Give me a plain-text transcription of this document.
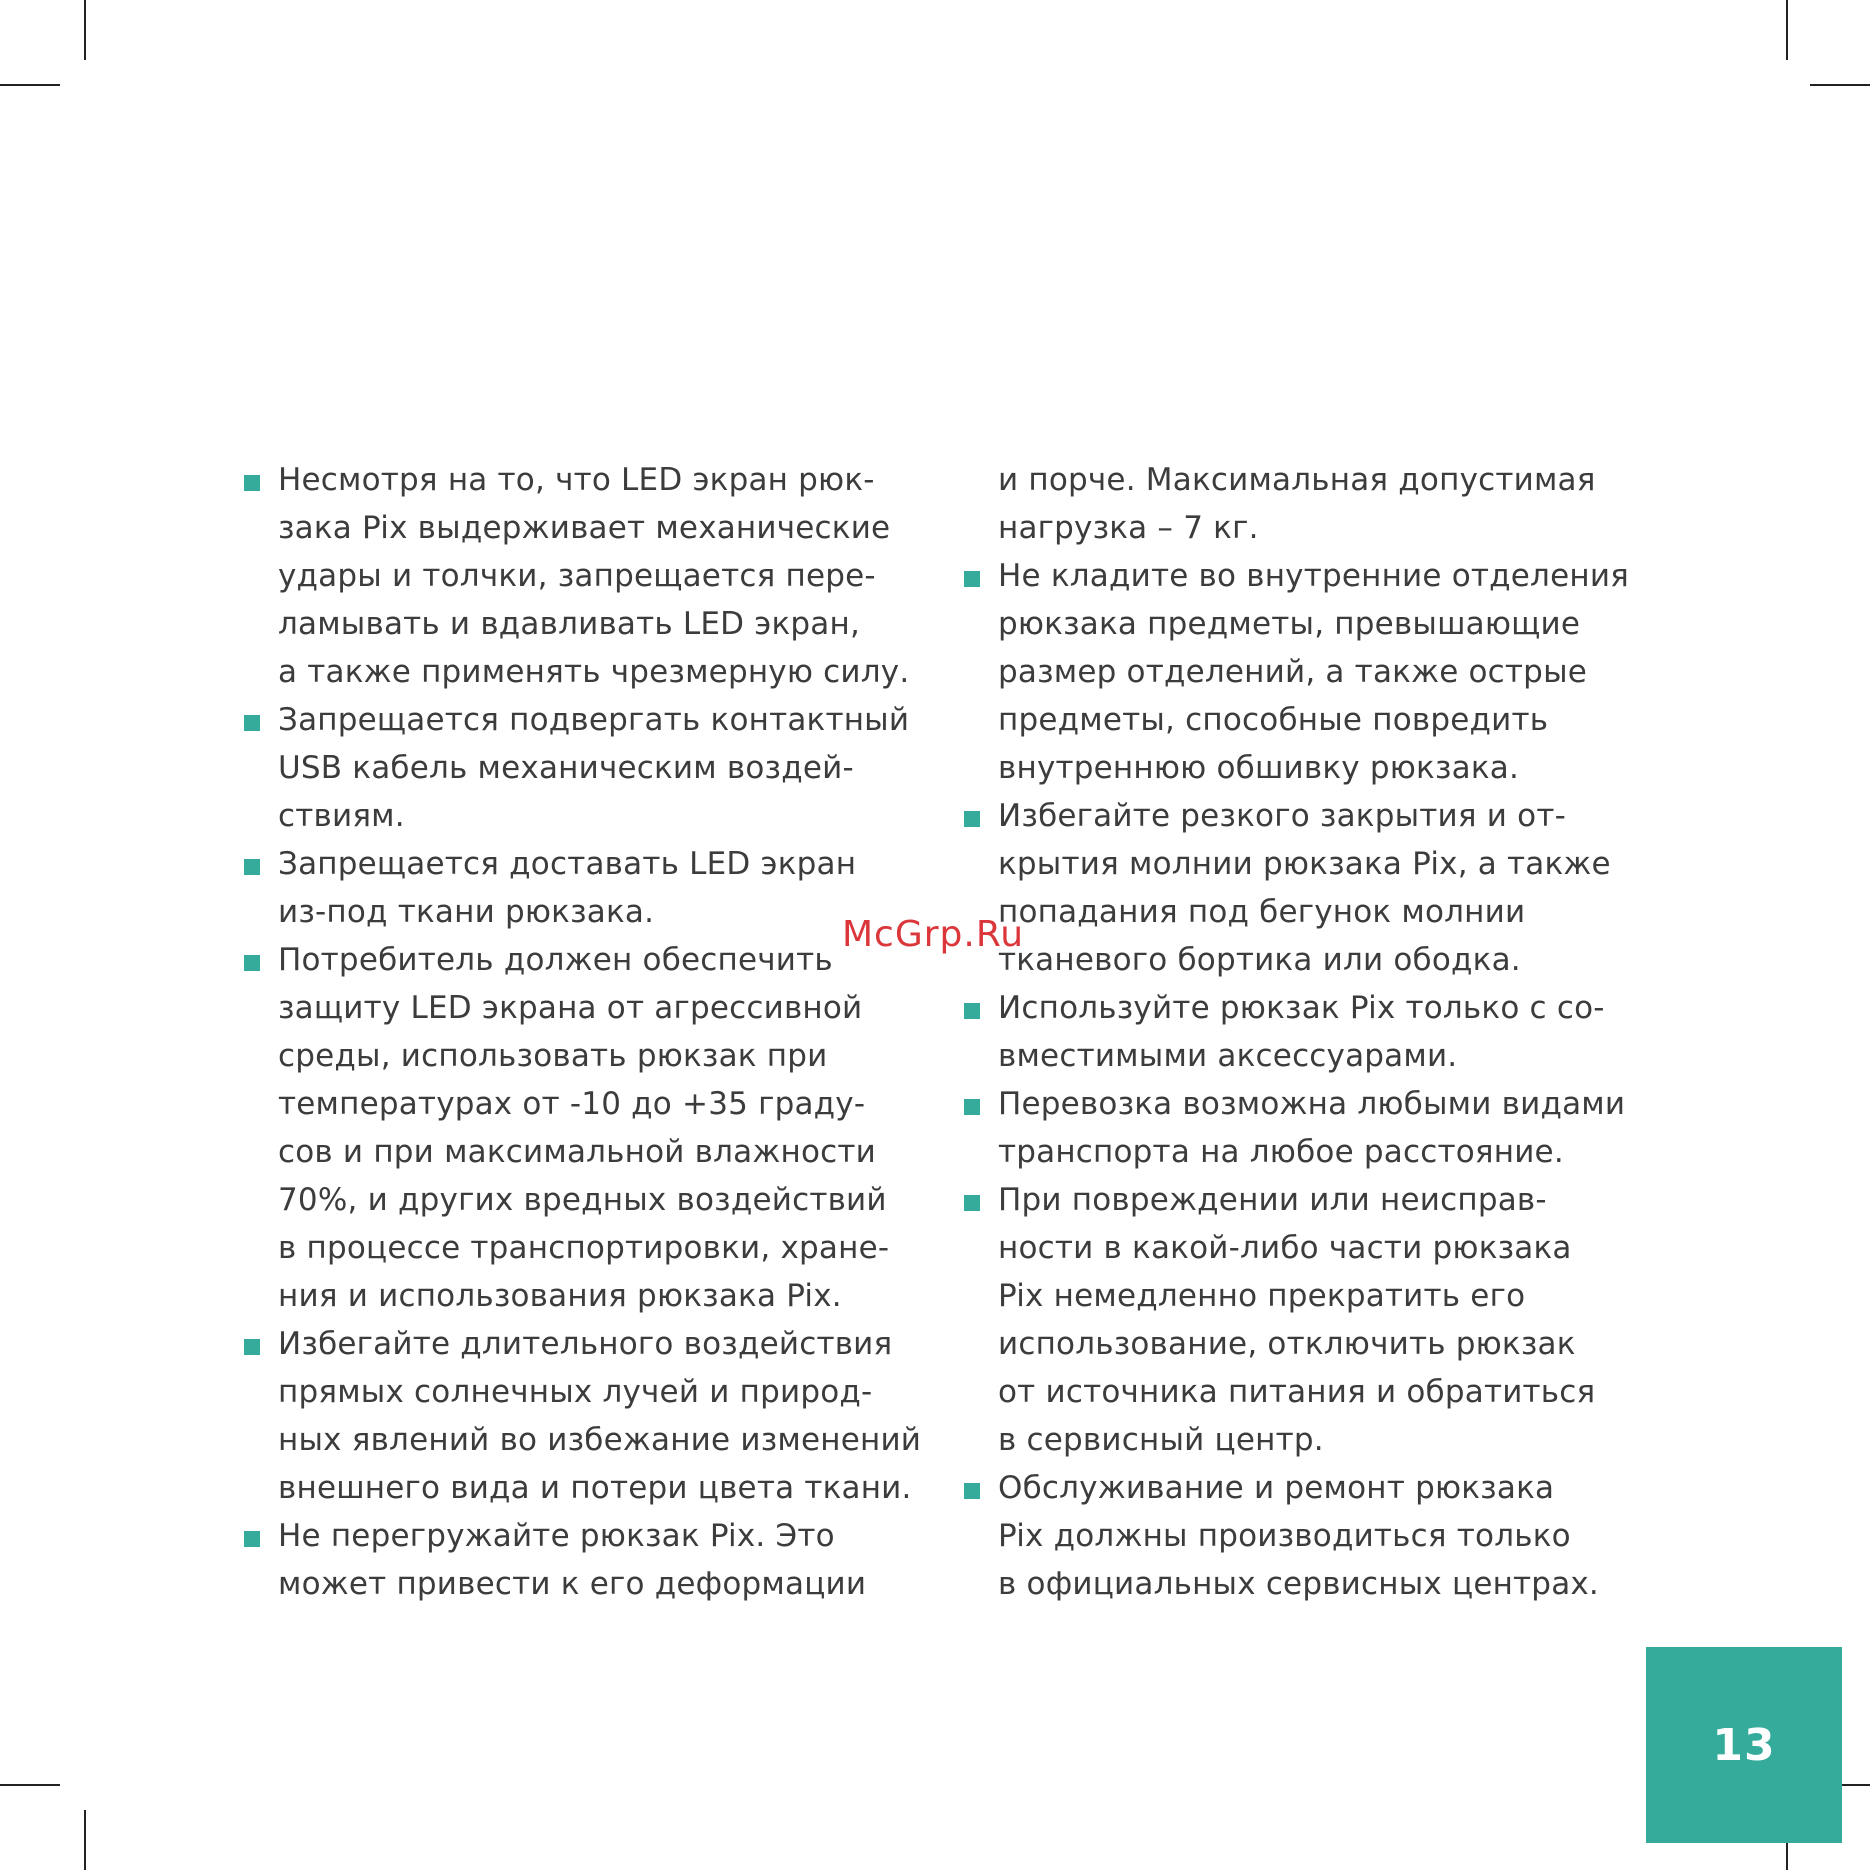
Несмотря на то, что LED экран рюк-
зака Pix выдерживает механические
удары и толчки, запрещается пере-
ламывать и вдавливать LED экран,
а также применять чрезмерную силу.
Запрещается подвергать контактный
USB кабель механическим воздей-
ствиям.
Запрещается доставать LED экран
из-под ткани рюкзака.
Потребитель должен обеспечить
защиту LED экрана от агрессивной
среды, использовать рюкзак при
температурах от -10 до +35 граду-
сов и при максимальной влажности
70%, и других вредных воздействий
в процессе транспортировки, хране-
ния и использования рюкзака Pix.
Избегайте длительного воздействия
прямых солнечных лучей и природ-
ных явлений во избежание изменений
внешнего вида и потери цвета ткани.
Не перегружайте рюкзак Pix. Это
может привести к его деформации
и порче. Максимальная допустимая
нагрузка – 7 кг.
Не кладите во внутренние отделения
рюкзака предметы, превышающие
размер отделений, а также острые
предметы, способные повредить
внутреннюю обшивку рюкзака.
Избегайте резкого закрытия и от-
крытия молнии рюкзака Pix, а также
попадания под бегунок молнии
тканевого бортика или ободка.
Используйте рюкзак Pix только с со-
вместимыми аксессуарами.
Перевозка возможна любыми видами
транспорта на любое расстояние.
При повреждении или неисправ-
ности в какой-либо части рюкзака
Pix немедленно прекратить его
использование, отключить рюкзак
от источника питания и обратиться
в сервисный центр.
Обслуживание и ремонт рюкзака
Pix должны производиться только
в официальных сервисных центрах.
McGrp.Ru
13
